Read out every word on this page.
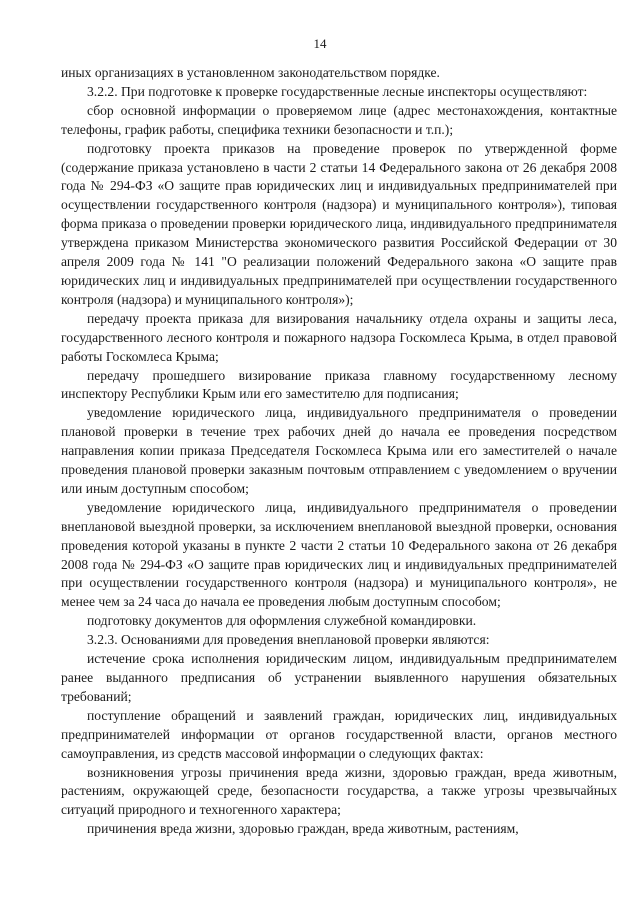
14

иных организациях в установленном законодательством порядке.

3.2.2. При подготовке к проверке государственные лесные инспекторы осуществляют:

сбор основной информации о проверяемом лице (адрес местонахождения, контактные телефоны, график работы, специфика техники безопасности и т.п.);

подготовку проекта приказов на проведение проверок по утвержденной форме (содержание приказа установлено в части 2 статьи 14 Федерального закона от 26 декабря 2008 года № 294-ФЗ «О защите прав юридических лиц и индивидуальных предпринимателей при осуществлении государственного контроля (надзора) и муниципального контроля»), типовая форма приказа о проведении проверки юридического лица, индивидуального предпринимателя утверждена приказом Министерства экономического развития Российской Федерации от 30 апреля 2009 года № 141 "О реализации положений Федерального закона «О защите прав юридических лиц и индивидуальных предпринимателей при осуществлении государственного контроля (надзора) и муниципального контроля»);

передачу проекта приказа для визирования начальнику отдела охраны и защиты леса, государственного лесного контроля и пожарного надзора Госкомлеса Крыма, в отдел правовой работы Госкомлеса Крыма;

передачу прошедшего визирование приказа главному государственному лесному инспектору Республики Крым или его заместителю для подписания;

уведомление юридического лица, индивидуального предпринимателя о проведении плановой проверки в течение трех рабочих дней до начала ее проведения посредством направления копии приказа Председателя Госкомлеса Крыма или его заместителей о начале проведения плановой проверки заказным почтовым отправлением с уведомлением о вручении или иным доступным способом;

уведомление юридического лица, индивидуального предпринимателя о проведении внеплановой выездной проверки, за исключением внеплановой выездной проверки, основания проведения которой указаны в пункте 2 части 2 статьи 10 Федерального закона от 26 декабря 2008 года № 294-ФЗ «О защите прав юридических лиц и индивидуальных предпринимателей при осуществлении государственного контроля (надзора) и муниципального контроля», не менее чем за 24 часа до начала ее проведения любым доступным способом;

подготовку документов для оформления служебной командировки.

3.2.3. Основаниями для проведения внеплановой проверки являются:

истечение срока исполнения юридическим лицом, индивидуальным предпринимателем ранее выданного предписания об устранении выявленного нарушения обязательных требований;

поступление обращений и заявлений граждан, юридических лиц, индивидуальных предпринимателей информации от органов государственной власти, органов местного самоуправления, из средств массовой информации о следующих фактах:

возникновения угрозы причинения вреда жизни, здоровью граждан, вреда животным, растениям, окружающей среде, безопасности государства, а также угрозы чрезвычайных ситуаций природного и техногенного характера;

причинения вреда жизни, здоровью граждан, вреда животным, растениям,
